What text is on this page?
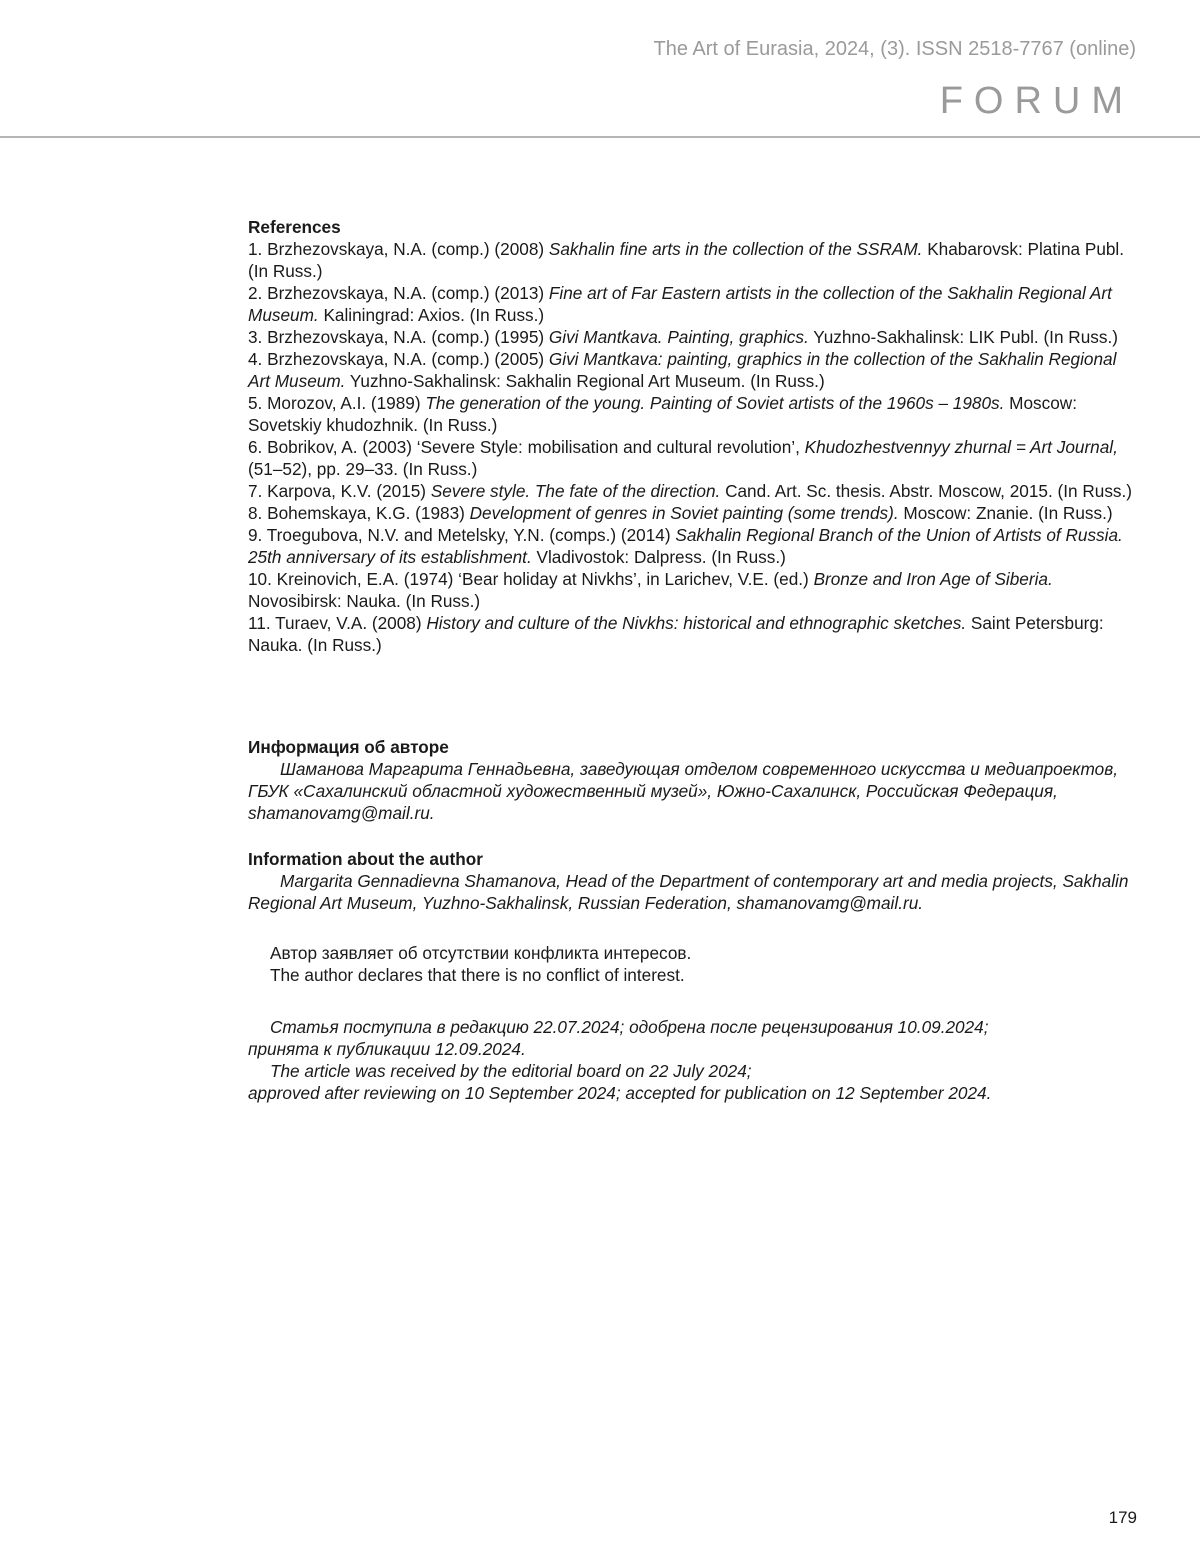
The Art of Eurasia, 2024, (3). ISSN 2518-7767 (online)
FORUM

References

1. Brzhezovskaya, N.A. (comp.) (2008) Sakhalin fine arts in the collection of the SSRAM. Khabarovsk: Platina Publ. (In Russ.)

2. Brzhezovskaya, N.A. (comp.) (2013) Fine art of Far Eastern artists in the collection of the Sakhalin Regional Art Museum. Kaliningrad: Axios. (In Russ.)

3. Brzhezovskaya, N.A. (comp.) (1995) Givi Mantkava. Painting, graphics. Yuzhno-Sakhalinsk: LIK Publ. (In Russ.)

4. Brzhezovskaya, N.A. (comp.) (2005) Givi Mantkava: painting, graphics in the collection of the Sakhalin Regional Art Museum. Yuzhno-Sakhalinsk: Sakhalin Regional Art Museum. (In Russ.)

5. Morozov, A.I. (1989) The generation of the young. Painting of Soviet artists of the 1960s – 1980s. Moscow: Sovetskiy khudozhnik. (In Russ.)

6. Bobrikov, A. (2003) ‘Severe Style: mobilisation and cultural revolution’, Khudozhestvennyy zhurnal = Art Journal, (51–52), pp. 29–33. (In Russ.)

7. Karpova, K.V. (2015) Severe style. The fate of the direction. Cand. Art. Sc. thesis. Abstr. Moscow, 2015. (In Russ.)

8. Bohemskaya, K.G. (1983) Development of genres in Soviet painting (some trends). Moscow: Znanie. (In Russ.)

9. Troegubova, N.V. and Metelsky, Y.N. (comps.) (2014) Sakhalin Regional Branch of the Union of Artists of Russia. 25th anniversary of its establishment. Vladivostok: Dalpress. (In Russ.)

10. Kreinovich, E.A. (1974) ‘Bear holiday at Nivkhs’, in Larichev, V.E. (ed.) Bronze and Iron Age of Siberia. Novosibirsk: Nauka. (In Russ.)

11. Turaev, V.A. (2008) History and culture of the Nivkhs: historical and ethnographic sketches. Saint Petersburg: Nauka. (In Russ.)

Информация об авторе

Шаманова Маргарита Геннадьевна, заведующая отделом современного искусства и медиапроектов, ГБУК «Сахалинский областной художественный музей», Южно-Сахалинск, Российская Федерация, shamanovamg@mail.ru.

Information about the author

Margarita Gennadievna Shamanova, Head of the Department of contemporary art and media projects, Sakhalin Regional Art Museum, Yuzhno-Sakhalinsk, Russian Federation, shamanovamg@mail.ru.

Автор заявляет об отсутствии конфликта интересов.

The author declares that there is no conflict of interest.

Статья поступила в редакцию 22.07.2024; одобрена после рецензирования 10.09.2024;

принята к публикации 12.09.2024.

The article was received by the editorial board on 22 July 2024;

approved after reviewing on 10 September 2024; accepted for publication on 12 September 2024.

179
